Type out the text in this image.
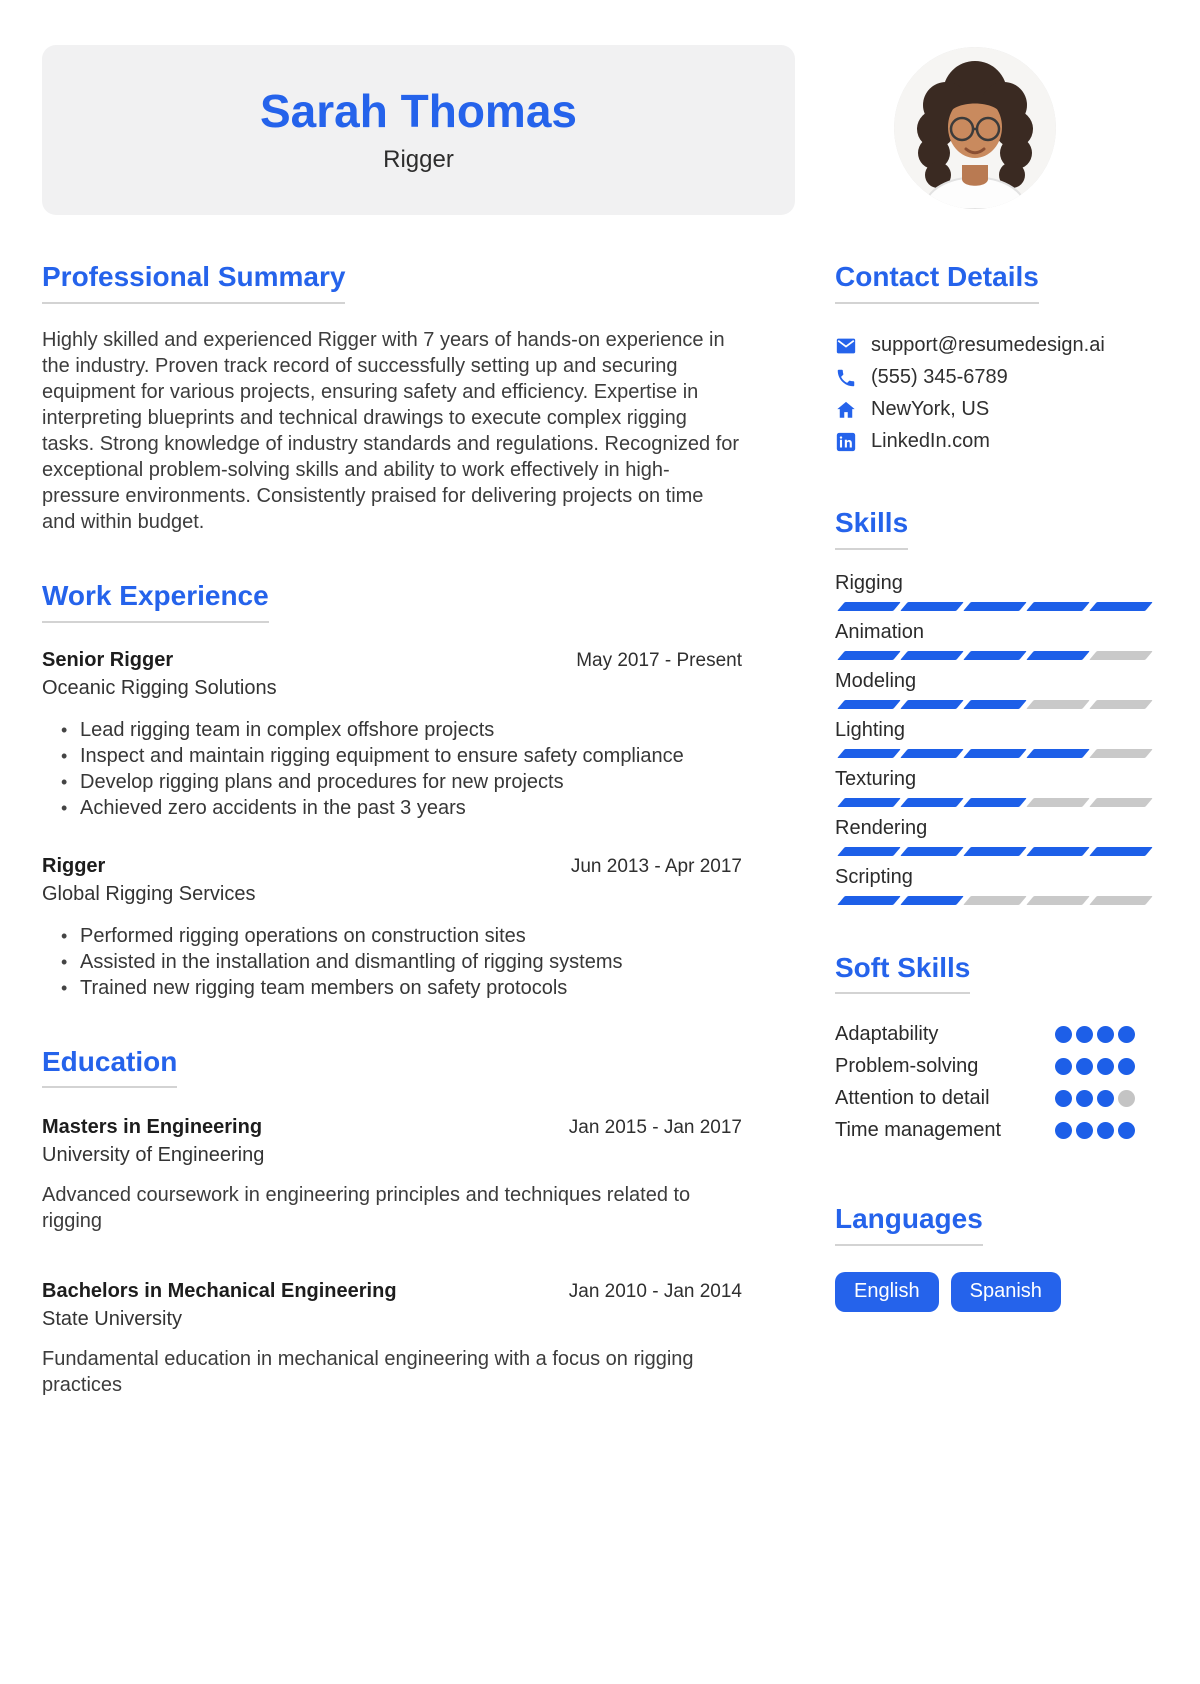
Sarah Thomas
Rigger
Professional Summary

Highly skilled and experienced Rigger with 7 years of hands-on experience in the industry. Proven track record of successfully setting up and securing equipment for various projects, ensuring safety and efficiency. Expertise in interpreting blueprints and technical drawings to execute complex rigging tasks. Strong knowledge of industry standards and regulations. Recognized for exceptional problem-solving skills and ability to work effectively in high-pressure environments. Consistently praised for delivering projects on time and within budget.

Work Experience
Senior Rigger	May 2017 - Present
Oceanic Rigging Solutions
• Lead rigging team in complex offshore projects
• Inspect and maintain rigging equipment to ensure safety compliance
• Develop rigging plans and procedures for new projects
• Achieved zero accidents in the past 3 years
Rigger	Jun 2013 - Apr 2017
Global Rigging Services
• Performed rigging operations on construction sites
• Assisted in the installation and dismantling of rigging systems
• Trained new rigging team members on safety protocols
Education
Masters in Engineering	Jan 2015 - Jan 2017
University of Engineering
Advanced coursework in engineering principles and techniques related to rigging
Bachelors in Mechanical Engineering	Jan 2010 - Jan 2014
State University
Fundamental education in mechanical engineering with a focus on rigging practices
Contact Details
support@resumedesign.ai
(555) 345-6789
NewYork, US
LinkedIn.com
Skills
Rigging
Animation
Modeling
Lighting
Texturing
Rendering
Scripting
Soft Skills
Adaptability
Problem-solving
Attention to detail
Time management
Languages
English	Spanish
